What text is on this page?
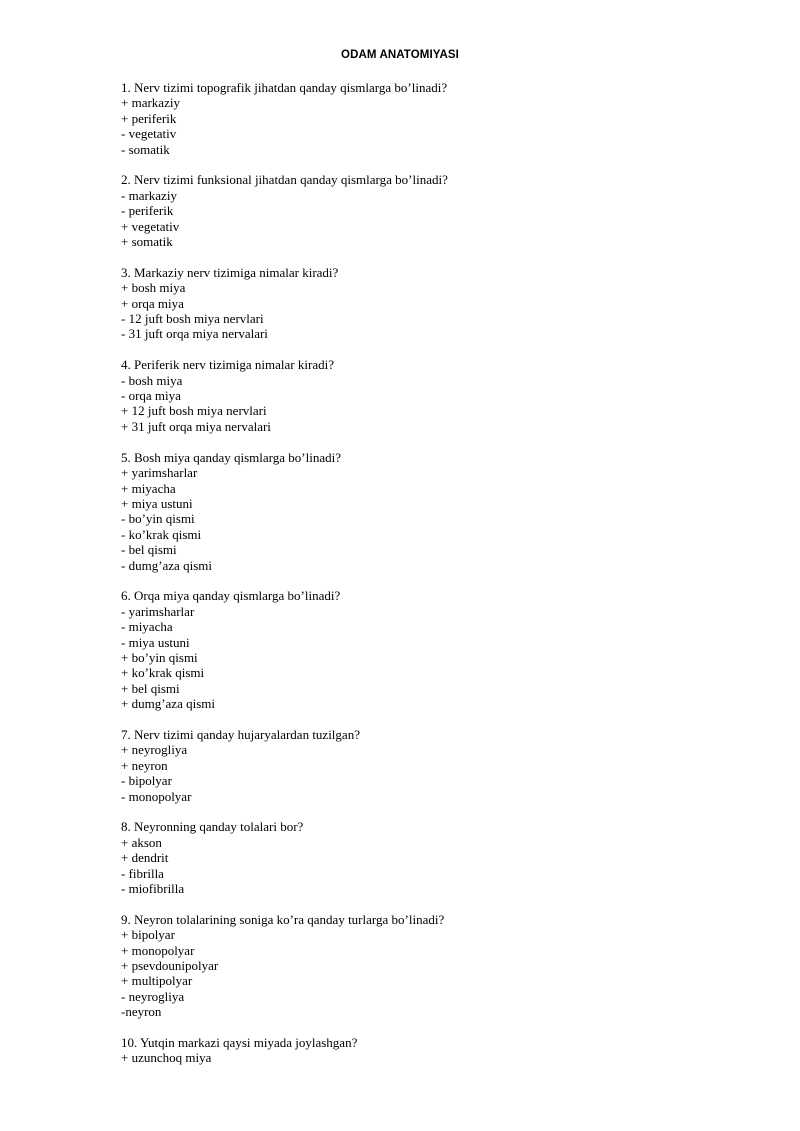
ODAM ANATOMIYASI
1. Nerv tizimi topografik jihatdan qanday qismlarga bo’linadi?
+ markaziy
+ periferik
- vegetativ
- somatik
2. Nerv tizimi funksional jihatdan qanday qismlarga bo’linadi?
- markaziy
- periferik
+ vegetativ
+ somatik
3. Markaziy nerv tizimiga nimalar kiradi?
+ bosh miya
+ orqa miya
- 12 juft bosh miya nervlari
- 31 juft orqa miya nervalari
4. Periferik nerv tizimiga nimalar kiradi?
- bosh miya
- orqa miya
+ 12 juft bosh miya nervlari
+ 31 juft orqa miya nervalari
5. Bosh miya qanday qismlarga bo’linadi?
+ yarimsharlar
+ miyacha
+ miya ustuni
- bo’yin qismi
- ko’krak qismi
- bel qismi
- dumg’aza qismi
6. Orqa miya qanday qismlarga bo’linadi?
- yarimsharlar
- miyacha
- miya ustuni
+ bo’yin qismi
+ ko’krak qismi
+ bel qismi
+ dumg’aza qismi
7. Nerv tizimi qanday hujaryalardan tuzilgan?
+ neyrogliya
+ neyron
- bipolyar
- monopolyar
8. Neyronning qanday tolalari bor?
+ akson
+ dendrit
- fibrilla
- miofibrilla
9. Neyron tolalarining soniga ko’ra qanday turlarga bo’linadi?
+ bipolyar
+ monopolyar
+ psevdounipolyar
+ multipolyar
- neyrogliya
-neyron
10. Yutqin markazi qaysi miyada joylashgan?
+ uzunchoq miya
